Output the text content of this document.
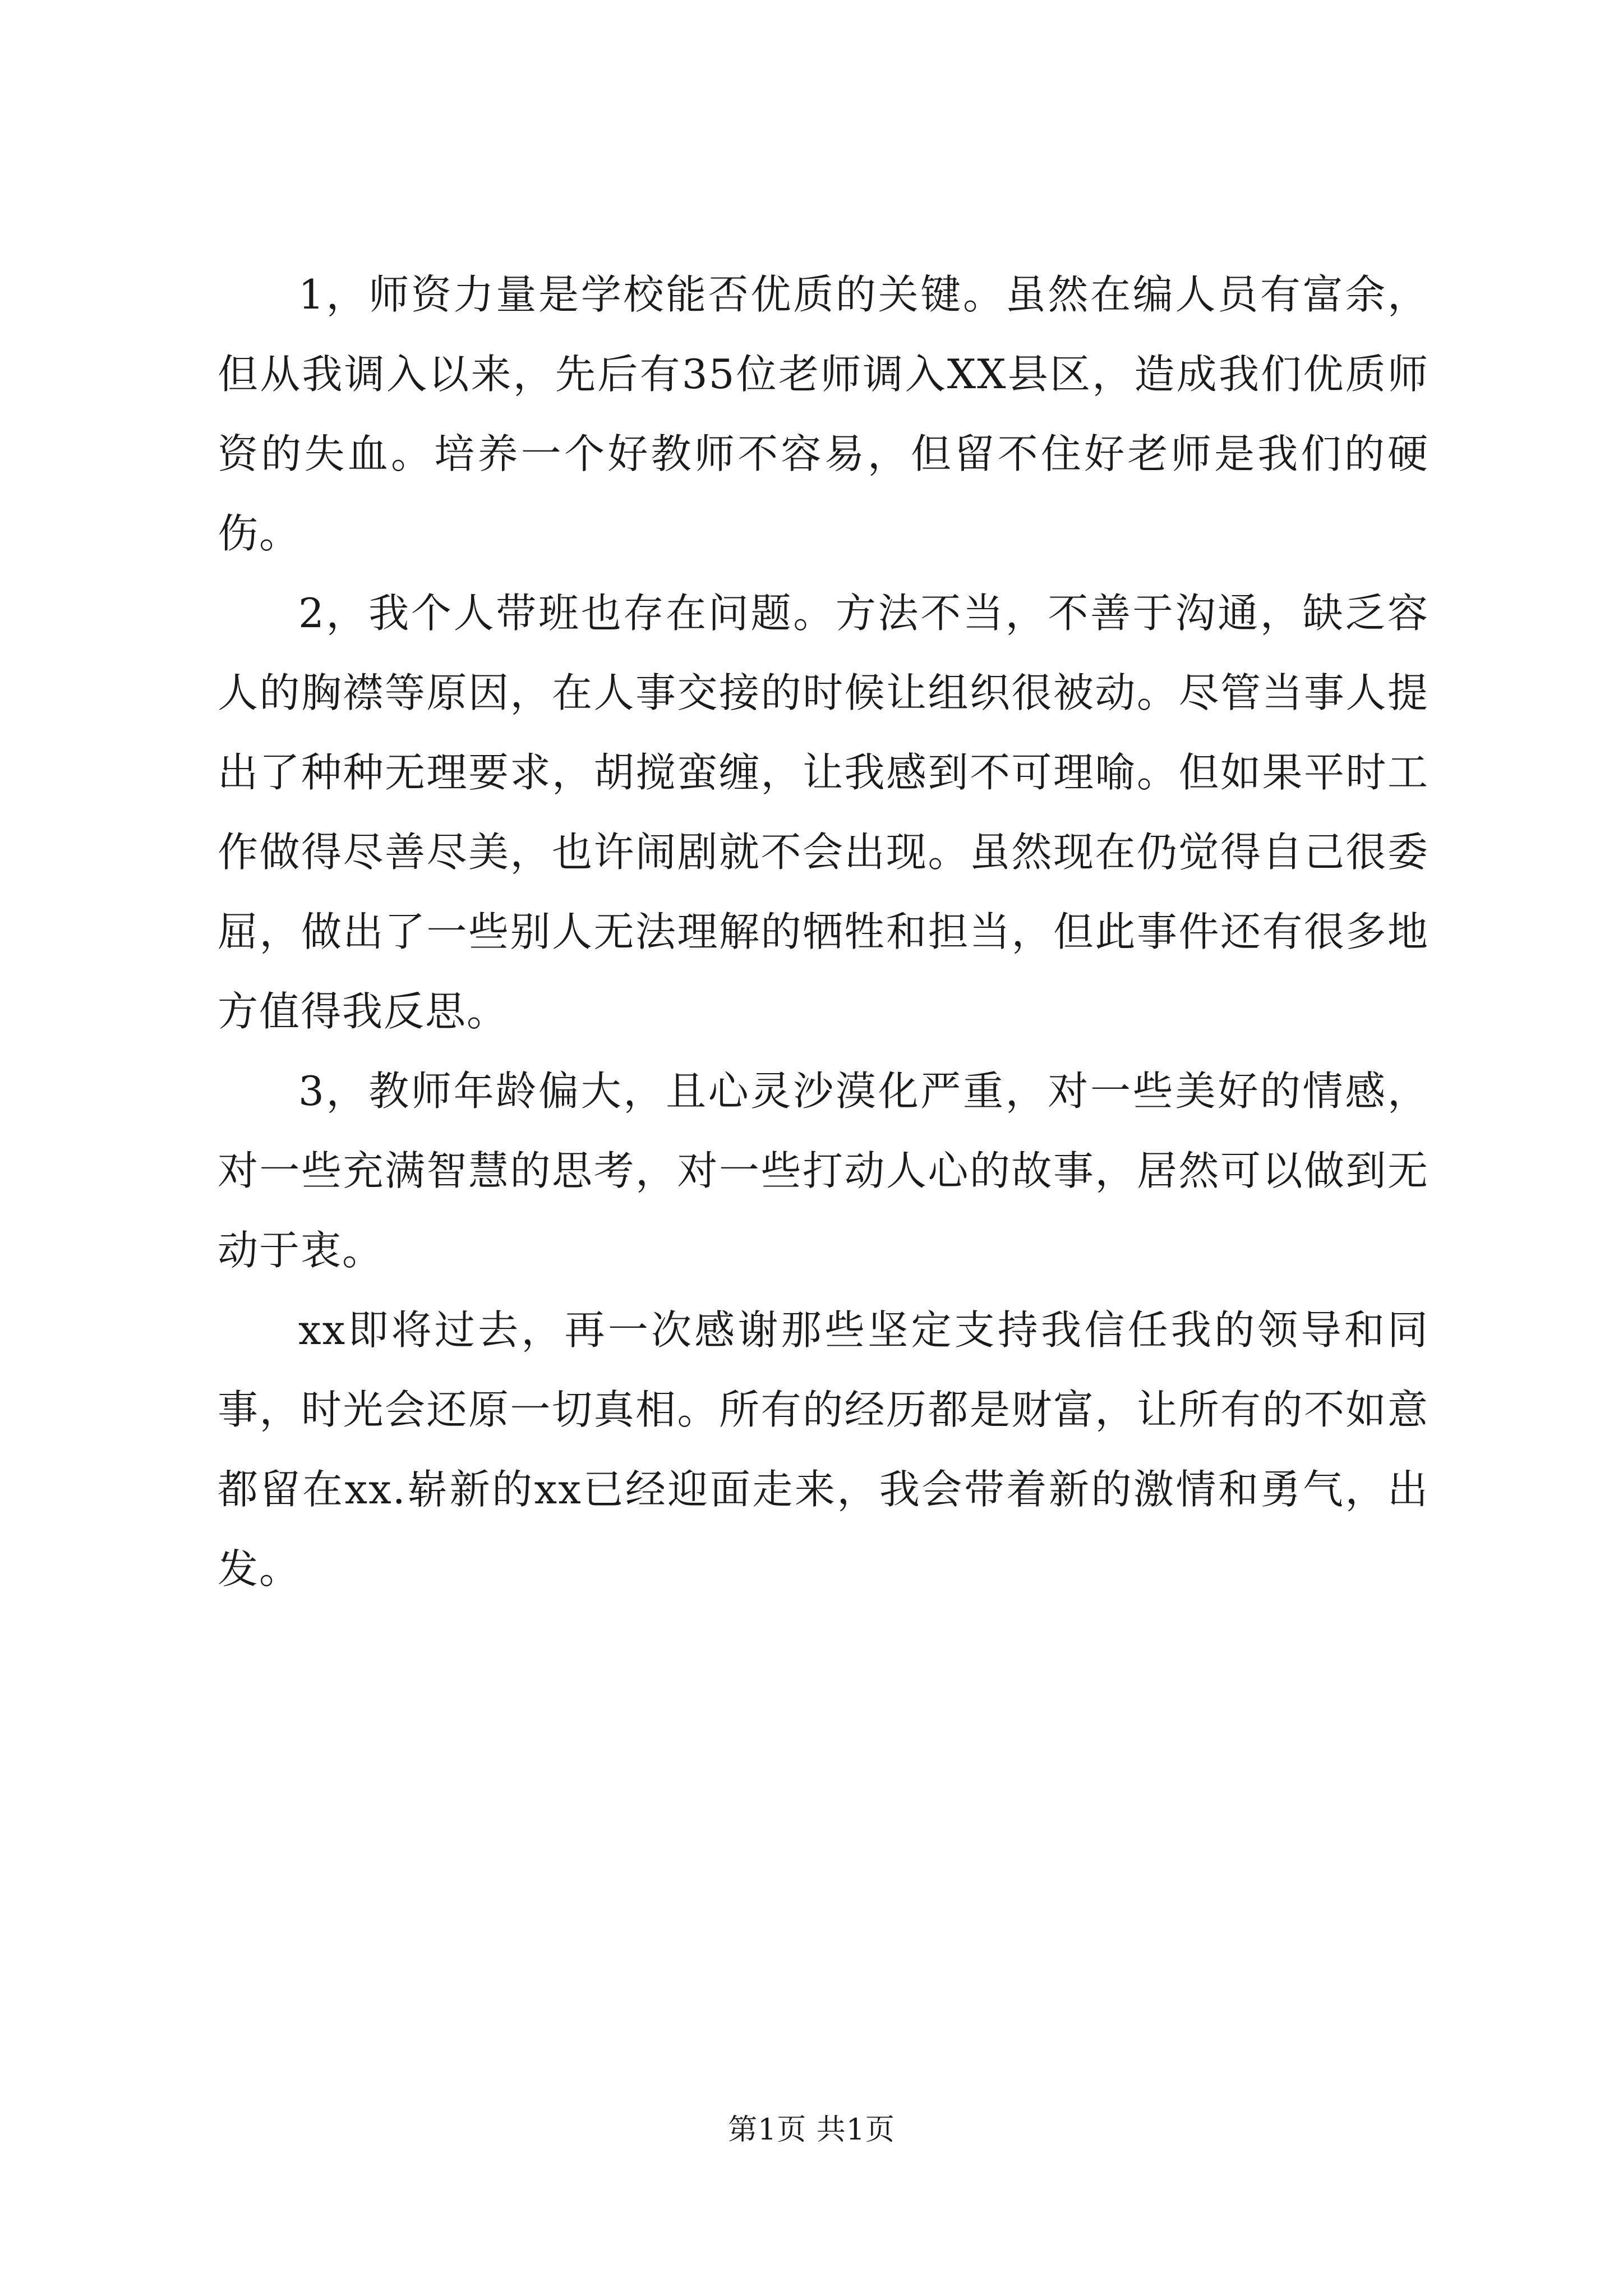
1，师资力量是学校能否优质的关键。虽然在编人员有富余，但从我调入以来，先后有35位老师调入XX县区，造成我们优质师资的失血。培养一个好教师不容易，但留不住好老师是我们的硬伤。

2，我个人带班也存在问题。方法不当，不善于沟通，缺乏容人的胸襟等原因，在人事交接的时候让组织很被动。尽管当事人提出了种种无理要求，胡搅蛮缠，让我感到不可理喻。但如果平时工作做得尽善尽美，也许闹剧就不会出现。虽然现在仍觉得自己很委屈，做出了一些别人无法理解的牺牲和担当，但此事件还有很多地方值得我反思。

3，教师年龄偏大，且心灵沙漠化严重，对一些美好的情感，对一些充满智慧的思考，对一些打动人心的故事，居然可以做到无动于衷。

xx即将过去，再一次感谢那些坚定支持我信任我的领导和同事，时光会还原一切真相。所有的经历都是财富，让所有的不如意都留在xx.崭新的xx已经迎面走来，我会带着新的激情和勇气，出发。

第1页 共1页
